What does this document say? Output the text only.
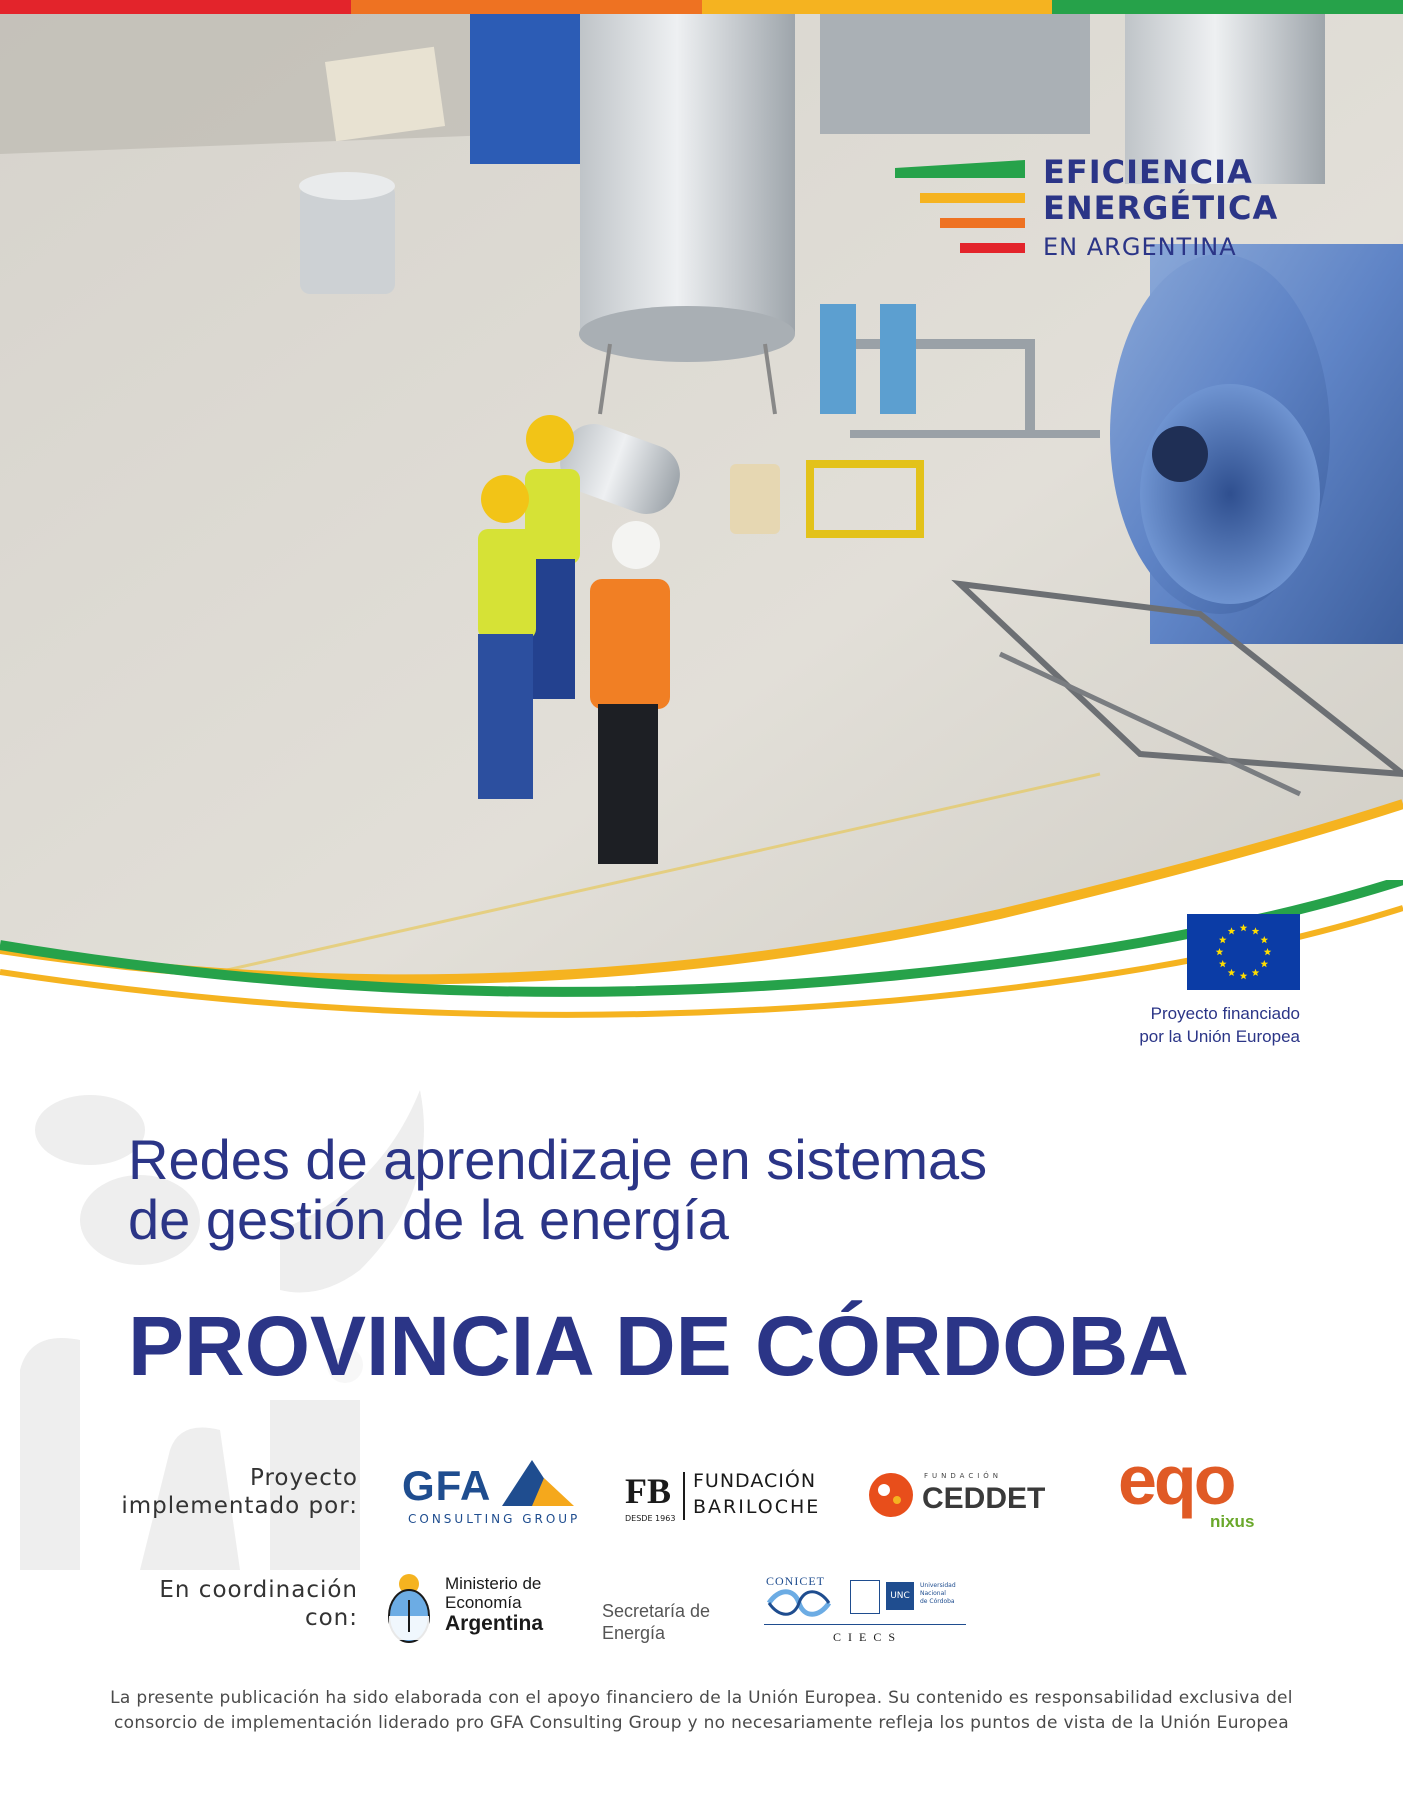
EFICIENCIA
ENERGÉTICA
EN ARGENTINA
Proyecto financiado
por la Unión Europea
Redes de aprendizaje en sistemas
de gestión de la energía
PROVINCIA DE CÓRDOBA
Proyecto
implementado por: GFA
CONSULTING GROUP
FB
DESDE 1963
FUNDACIÓN
BARILOCHE
FUNDACIÓN
CEDDET eqo
nixus
En coordinación
con:
Ministerio de
Economía
Argentina
Secretaría de
Energía
CONICET
UNC
Universidad
Nacional
de Córdoba
C I E C S
La presente publicación ha sido elaborada con el apoyo financiero de la Unión Europea. Su contenido es responsabilidad exclusiva del
consorcio de implementación liderado pro GFA Consulting Group y no necesariamente refleja los puntos de vista de la Unión Europea
